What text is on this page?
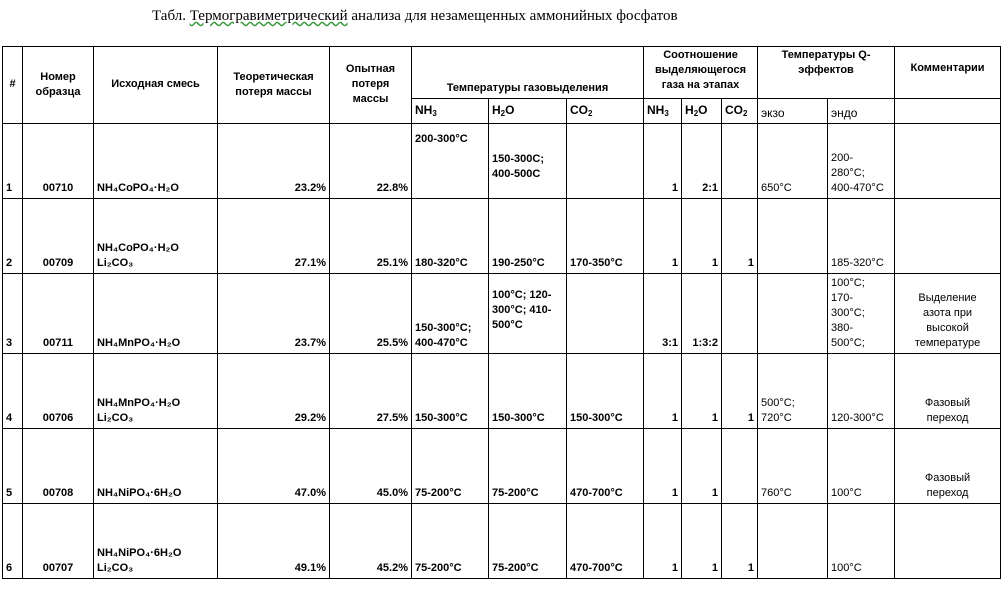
Табл. Термогравиметрический анализа для незамещенных аммонийных фосфатов
#	Номер образца	Исходная смесь	Теоретическая потеря массы	Опытная потеря массы	Температуры газовыделения			Соотношение выделяющегося газа на этапах			Температуры Q-эффектов		Комментарии
					NH3	H2O	CO2	NH3	H2O	CO2	экзо	эндо	
1	00710	NH₄CoPO₄·H₂O	23.2%	22.8%	200-300°C	150-300C;
400-500C		1	2:1		650°C	200-
280°C;
400-470°C	

2	00709	NH₄CoPO₄·H₂O
Li₂CO₃	27.1%	25.1%	180-320°C	190-250°C	170-350°C	1	1	1		185-320°C	

3	00711	NH₄MnPO₄·H₂O	23.7%	25.5%	150-300°C;
400-470°C	100°C; 120-
300°C; 410-
500°C		3:1	1:3:2			100°C;
170-
300°C;
380-
500°C;	Выделение
азота при
высокой
температуре

4	00706	NH₄MnPO₄·H₂O
Li₂CO₃	29.2%	27.5%	150-300°C	150-300°C	150-300°C	1	1	1	500°C;
720°C	120-300°C	Фазовый
переход

5	00708	NH₄NiPO₄·6H₂O	47.0%	45.0%	75-200°C	75-200°C	470-700°C	1	1		760°C	100°C	Фазовый
переход

6	00707	NH₄NiPO₄·6H₂O
Li₂CO₃	49.1%	45.2%	75-200°C	75-200°C	470-700°C	1	1	1		100°C	
